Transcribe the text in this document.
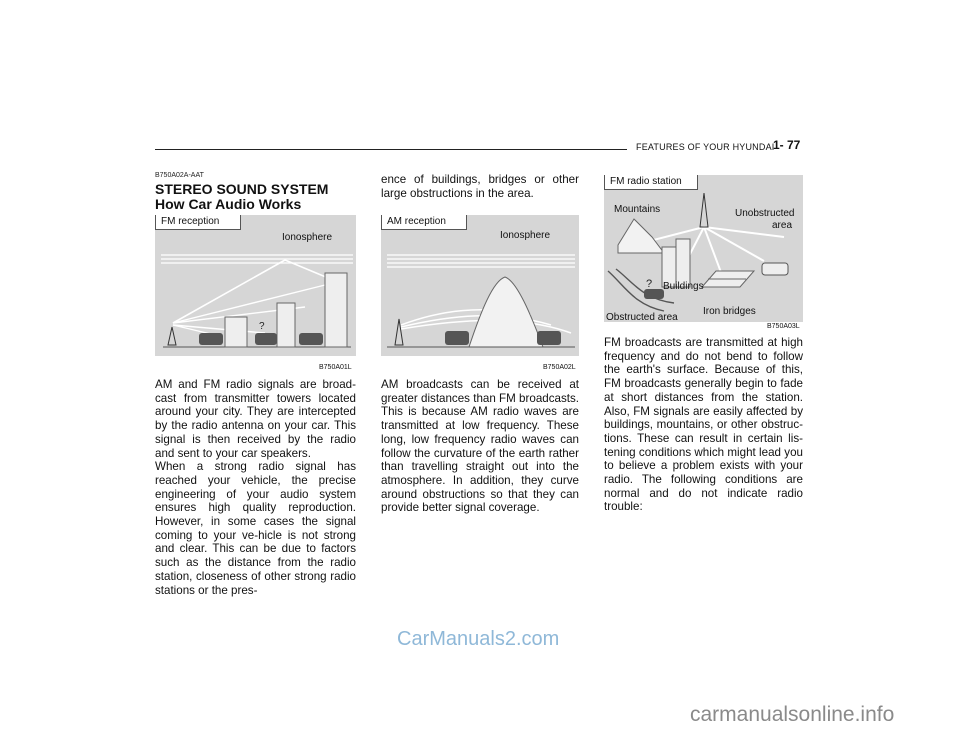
FEATURES OF YOUR HYUNDAI
1- 77
B750A02A-AAT
STEREO SOUND SYSTEM
How Car Audio Works
?
FM reception
Ionosphere
B750A01L
AM and FM radio signals are broad-cast from transmitter towers located around your city. They are intercepted by the radio antenna on your car. This signal is then received by the radio and sent to your car speakers.
When a strong radio signal has reached your vehicle, the precise engineering of your audio system ensures high quality reproduction. However, in some cases the signal coming to your ve-hicle is not strong and clear. This can be due to factors such as the distance from the radio station, closeness of other strong radio stations or the pres-
ence of buildings, bridges or other large obstructions in the area.
AM reception
Ionosphere
B750A02L
AM broadcasts can be received at greater distances than FM broadcasts. This is because AM radio waves are transmitted at low frequency. These long, low frequency radio waves can follow the curvature of the earth rather than travelling straight out into the atmosphere. In addition, they curve around obstructions so that they can provide better signal coverage.
?
FM radio station
Mountains	Unobstructed
area
Buildings
Obstructed area
Iron bridges
B750A03L
FM broadcasts are transmitted at high frequency and do not bend to follow the earth's surface. Because of this, FM broadcasts generally begin to fade at short distances from the station. Also, FM signals are easily affected by buildings, mountains, or other obstruc-tions. These can result in certain lis-tening conditions which might lead you to believe a problem exists with your radio. The following conditions are normal and do not indicate radio trouble:
CarManuals2.com
carmanualsonline.info
